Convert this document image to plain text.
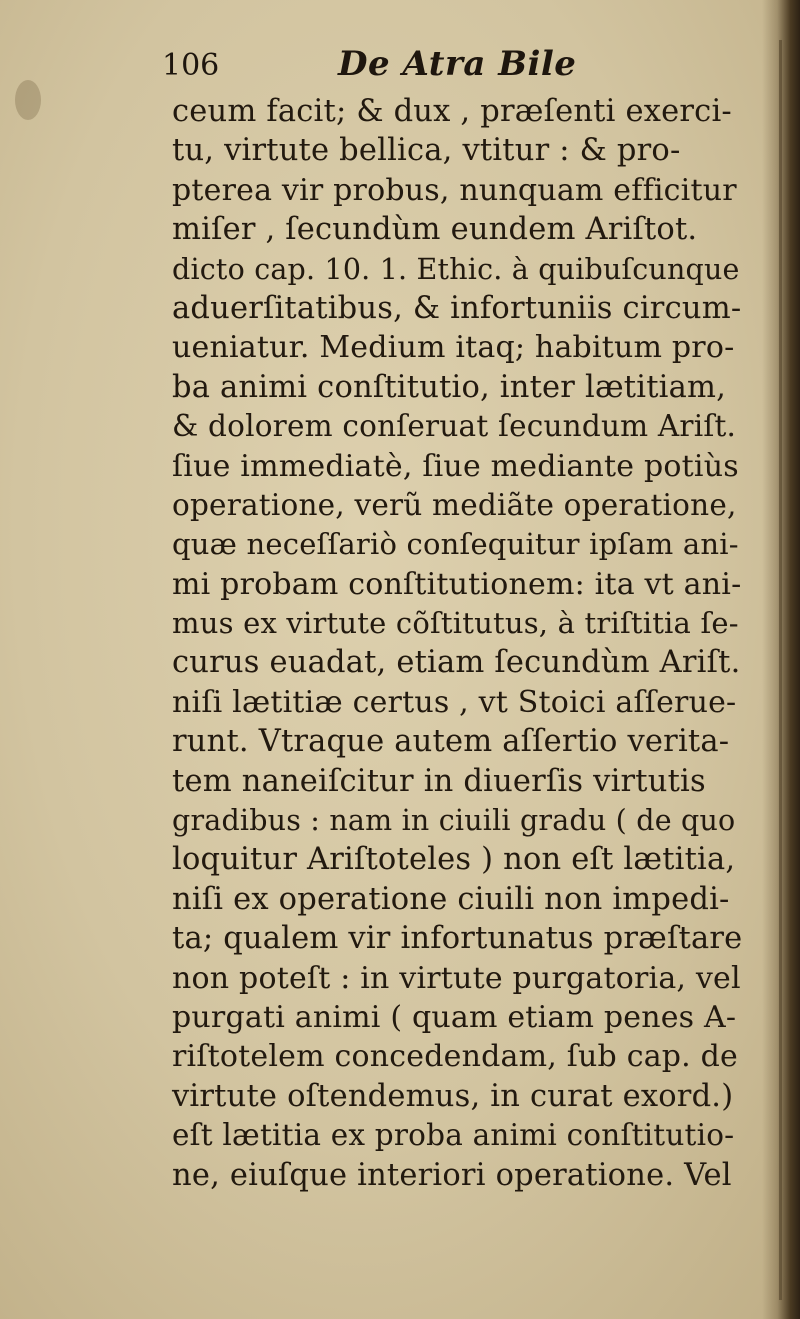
106	De Atra Bile
ceum facit; & dux , præſenti exerci-
tu, virtute bellica, vtitur : & pro-
pterea vir probus, nunquam efficitur
miſer , ſecundùm eundem Ariſtot.
dicto cap. 10. 1. Ethic. à quibuſcunque
aduerſitatibus, & infortuniis circum-
ueniatur. Medium itaq; habitum pro-
ba animi conſtitutio, inter lætitiam,
& dolorem conſeruat ſecundum Ariſt.
ſiue immediatè, ſiue mediante potiùs
operatione, verũ mediãte operatione,
quæ neceſſariò conſequitur ipſam ani-
mi probam conſtitutionem: ita vt ani-
mus ex virtute cõſtitutus, à triſtitia ſe-
curus euadat, etiam ſecundùm Ariſt.
niſi lætitiæ certus , vt Stoici aſſerue-
runt. Vtraque autem aſſertio verita-
tem naneiſcitur in diuerſis virtutis
gradibus : nam in ciuili gradu ( de quo
loquitur Ariſtoteles ) non eſt lætitia,
niſi ex operatione ciuili non impedi-
ta; qualem vir infortunatus præſtare
non poteſt : in virtute purgatoria, vel
purgati animi ( quam etiam penes A-
riſtotelem concedendam, ſub cap. de
virtute oſtendemus, in curat exord.)
eſt lætitia ex proba animi conſtitutio-
ne, eiuſque interiori operatione. Vel
